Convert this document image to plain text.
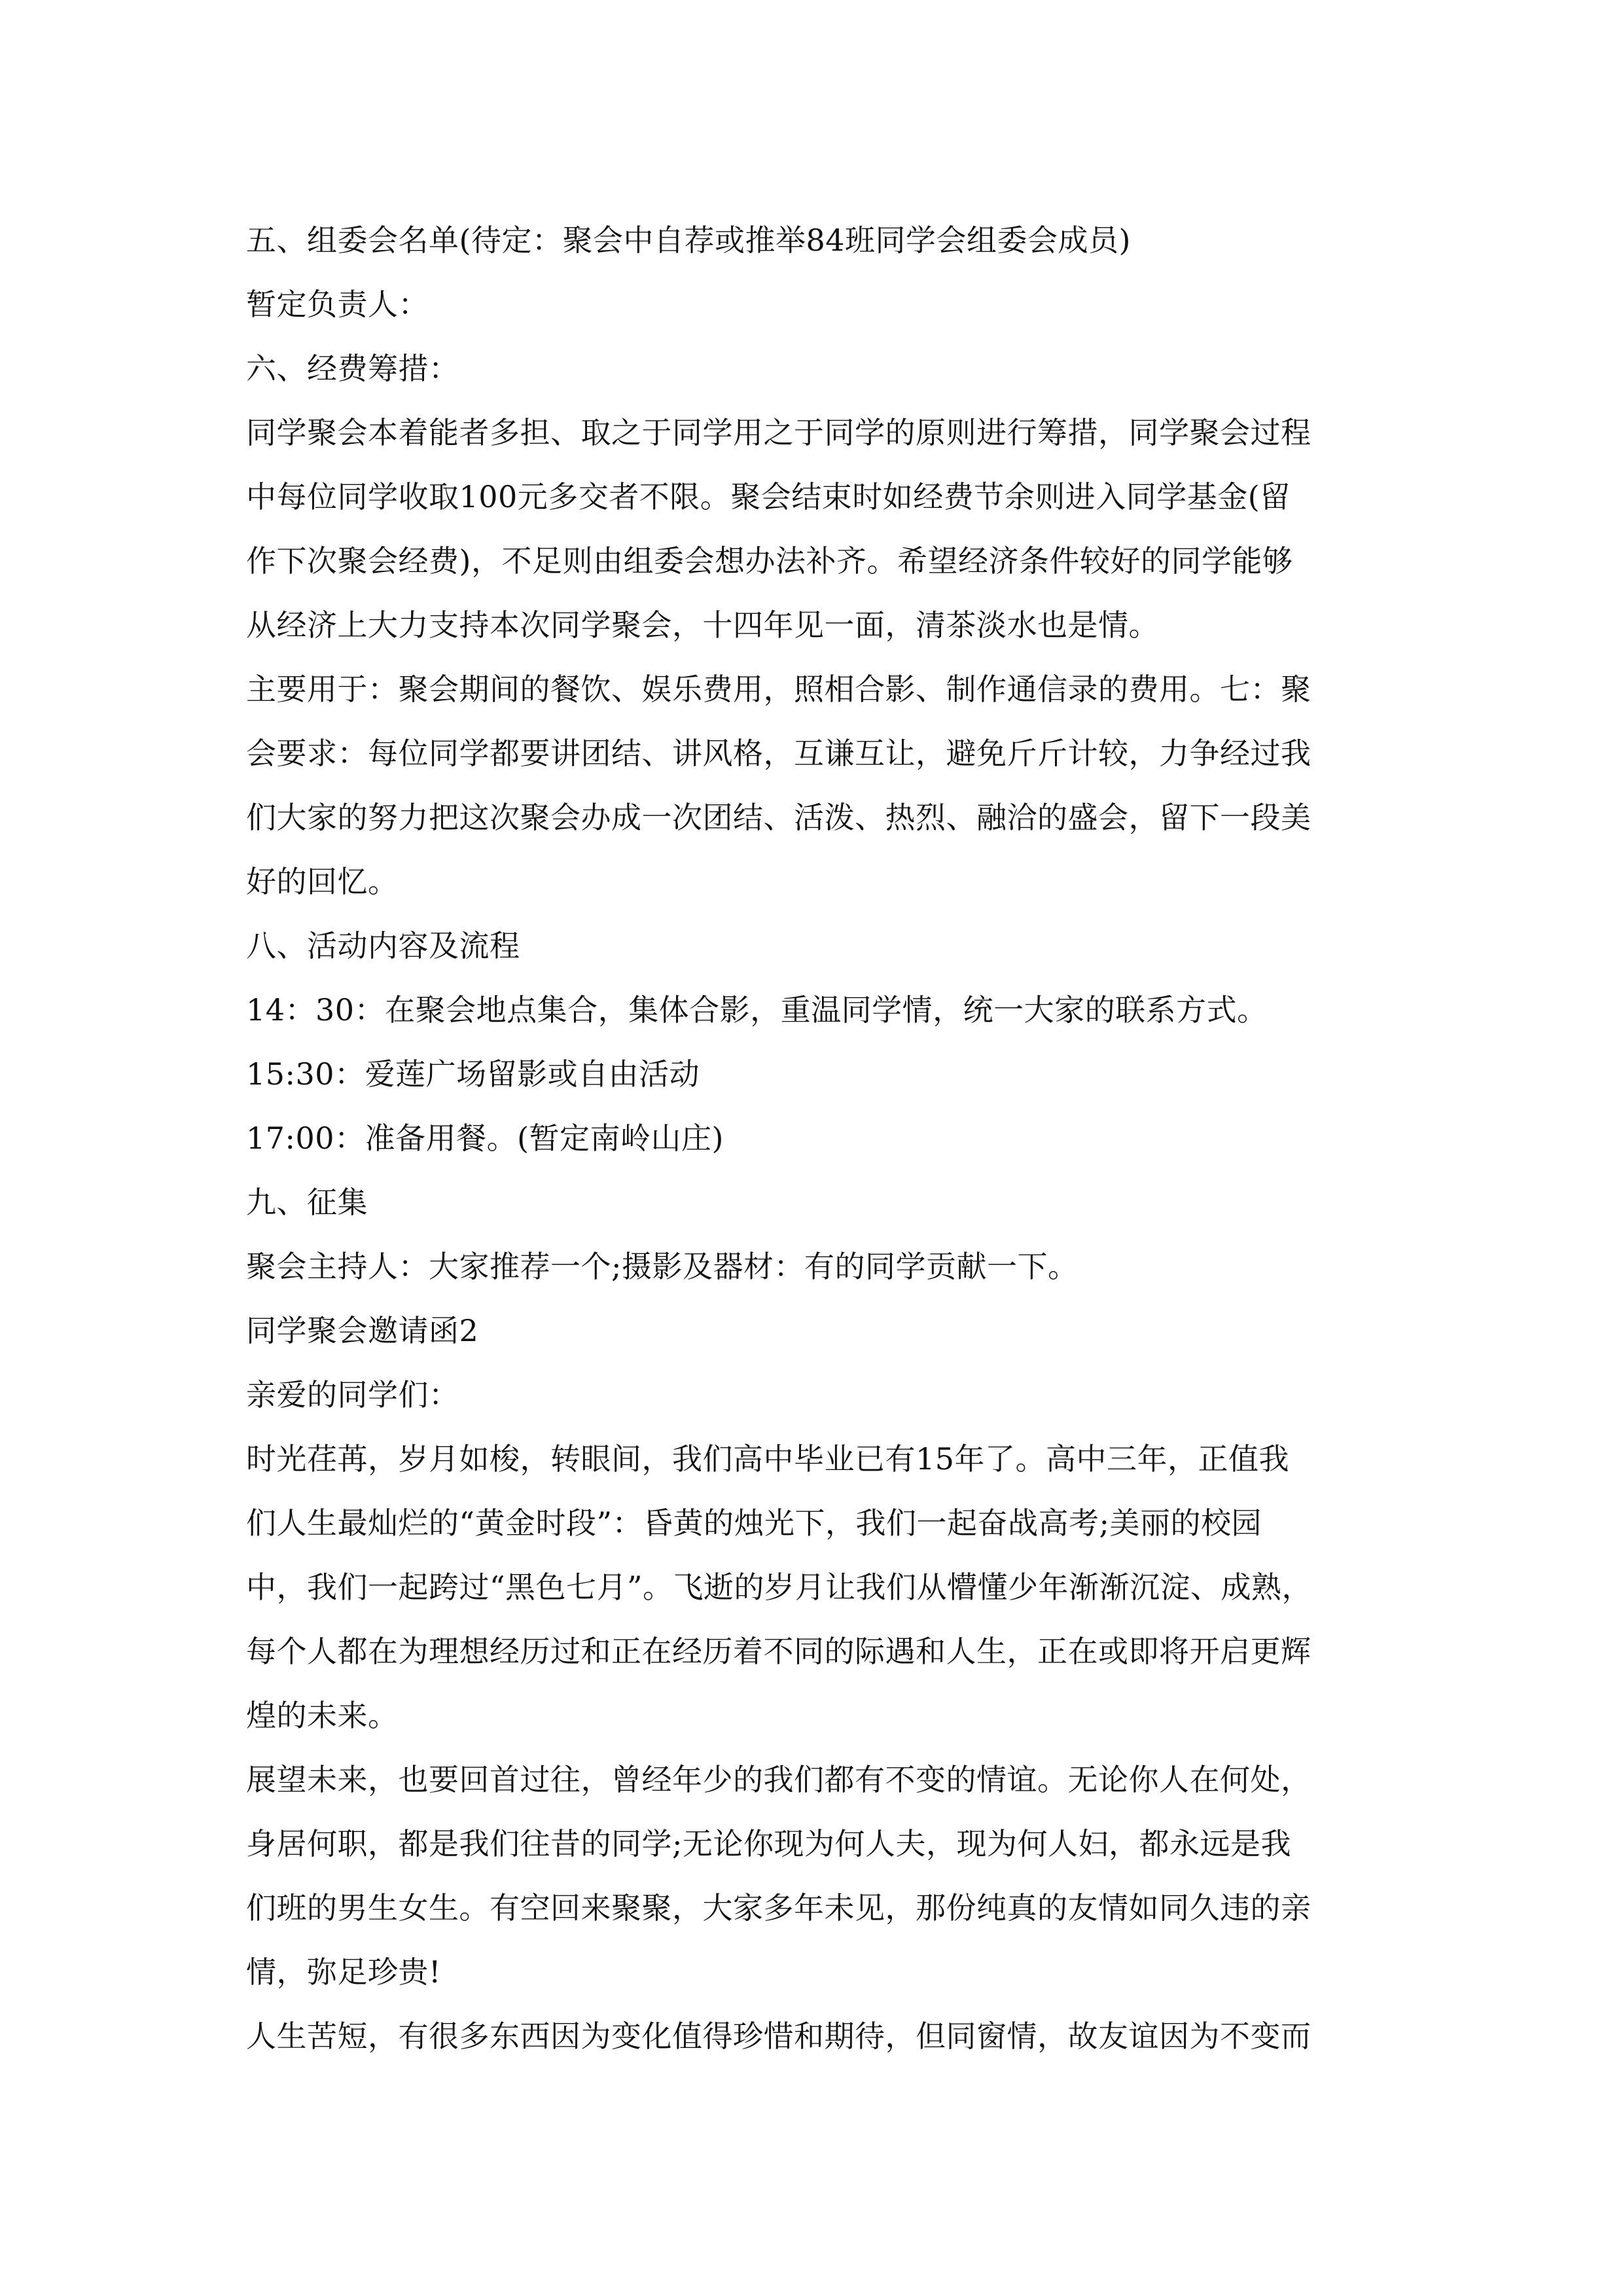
五、组委会名单(待定：聚会中自荐或推举84班同学会组委会成员)
暂定负责人：
六、经费筹措：
同学聚会本着能者多担、取之于同学用之于同学的原则进行筹措，同学聚会过程
中每位同学收取100元多交者不限。聚会结束时如经费节余则进入同学基金(留
作下次聚会经费)，不足则由组委会想办法补齐。希望经济条件较好的同学能够
从经济上大力支持本次同学聚会，十四年见一面，清茶淡水也是情。
主要用于：聚会期间的餐饮、娱乐费用，照相合影、制作通信录的费用。七：聚
会要求：每位同学都要讲团结、讲风格，互谦互让，避免斤斤计较，力争经过我
们大家的努力把这次聚会办成一次团结、活泼、热烈、融洽的盛会，留下一段美
好的回忆。
八、活动内容及流程
14：30：在聚会地点集合，集体合影，重温同学情，统一大家的联系方式。
15:30：爱莲广场留影或自由活动
17:00：准备用餐。(暂定南岭山庄)
九、征集
聚会主持人：大家推荐一个;摄影及器材：有的同学贡献一下。
同学聚会邀请函2
亲爱的同学们：
时光荏苒，岁月如梭，转眼间，我们高中毕业已有15年了。高中三年，正值我
们人生最灿烂的“黄金时段”：昏黄的烛光下，我们一起奋战高考;美丽的校园
中，我们一起跨过“黑色七月”。飞逝的岁月让我们从懵懂少年渐渐沉淀、成熟，
每个人都在为理想经历过和正在经历着不同的际遇和人生，正在或即将开启更辉
煌的未来。
展望未来，也要回首过往，曾经年少的我们都有不变的情谊。无论你人在何处，
身居何职，都是我们往昔的同学;无论你现为何人夫，现为何人妇，都永远是我
们班的男生女生。有空回来聚聚，大家多年未见，那份纯真的友情如同久违的亲
情，弥足珍贵!
人生苦短，有很多东西因为变化值得珍惜和期待，但同窗情，故友谊因为不变而
